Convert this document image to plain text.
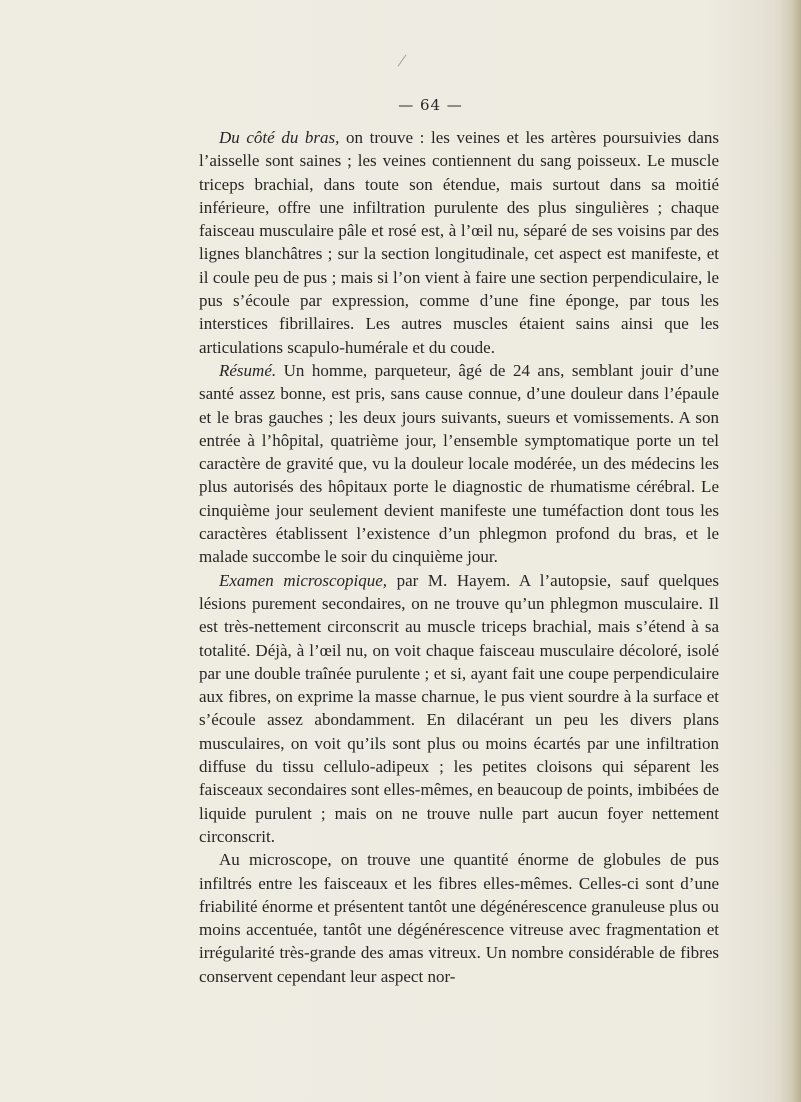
— 64 —

Du côté du bras, on trouve : les veines et les artères poursuivies dans l’aisselle sont saines ; les veines contiennent du sang poisseux. Le muscle triceps brachial, dans toute son étendue, mais surtout dans sa moitié inférieure, offre une infiltration purulente des plus singulières ; chaque faisceau musculaire pâle et rosé est, à l’œil nu, séparé de ses voisins par des lignes blanchâtres ; sur la section longitudinale, cet aspect est manifeste, et il coule peu de pus ; mais si l’on vient à faire une section perpendiculaire, le pus s’écoule par expression, comme d’une fine éponge, par tous les interstices fibrillaires. Les autres muscles étaient sains ainsi que les articulations scapulo-humérale et du coude.

Résumé. Un homme, parqueteur, âgé de 24 ans, semblant jouir d’une santé assez bonne, est pris, sans cause connue, d’une douleur dans l’épaule et le bras gauches ; les deux jours suivants, sueurs et vomissements. A son entrée à l’hôpital, quatrième jour, l’ensemble symptomatique porte un tel caractère de gravité que, vu la douleur locale modérée, un des médecins les plus autorisés des hôpitaux porte le diagnostic de rhumatisme cérébral. Le cinquième jour seulement devient manifeste une tuméfaction dont tous les caractères établissent l’existence d’un phlegmon profond du bras, et le malade succombe le soir du cinquième jour.

Examen microscopique, par M. Hayem. A l’autopsie, sauf quelques lésions purement secondaires, on ne trouve qu’un phlegmon musculaire. Il est très-nettement circonscrit au muscle triceps brachial, mais s’étend à sa totalité. Déjà, à l’œil nu, on voit chaque faisceau musculaire décoloré, isolé par une double traînée purulente ; et si, ayant fait une coupe perpendiculaire aux fibres, on exprime la masse charnue, le pus vient sourdre à la surface et s’écoule assez abondamment. En dilacérant un peu les divers plans musculaires, on voit qu’ils sont plus ou moins écartés par une infiltration diffuse du tissu cellulo-adipeux ; les petites cloisons qui séparent les faisceaux secondaires sont elles-mêmes, en beaucoup de points, imbibées de liquide purulent ; mais on ne trouve nulle part aucun foyer nettement circonscrit.

Au microscope, on trouve une quantité énorme de globules de pus infiltrés entre les faisceaux et les fibres elles-mêmes. Celles-ci sont d’une friabilité énorme et présentent tantôt une dégénérescence granuleuse plus ou moins accentuée, tantôt une dégénérescence vitreuse avec fragmentation et irrégularité très-grande des amas vitreux. Un nombre considérable de fibres conservent cependant leur aspect nor-
